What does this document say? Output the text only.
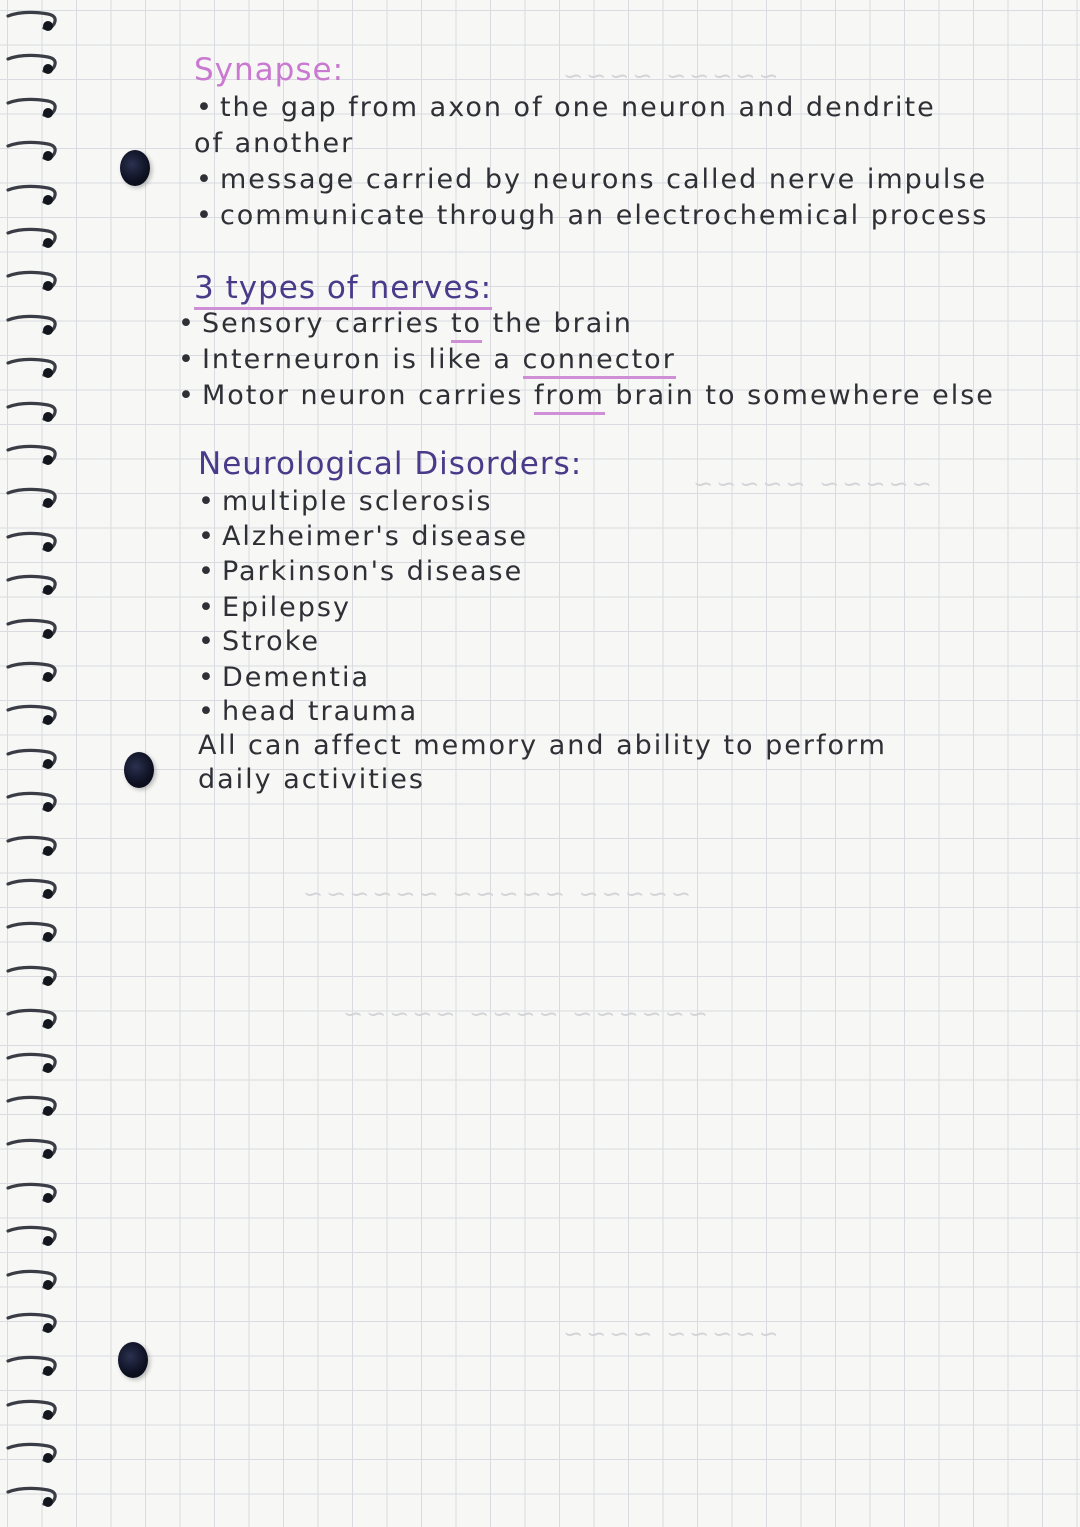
~~~~~ ~~~~
~~~~~ ~~~~~
~~~~~ ~~~~~ ~~~~~~
~~~~~~ ~~~~ ~~~~~
~~~~~ ~~~~
Synapse:
• the gap from axon of one neuron and dendrite
of another
• message carried by neurons called nerve impulse
• communicate through an electrochemical process
3 types of nerves:
• Sensory carries to the brain
• Interneuron is like a connector
• Motor neuron carries from brain to somewhere else
Neurological Disorders:
• multiple sclerosis
• Alzheimer's disease
• Parkinson's disease
• Epilepsy
• Stroke
• Dementia
• head trauma
All can affect memory and ability to perform
daily activities
